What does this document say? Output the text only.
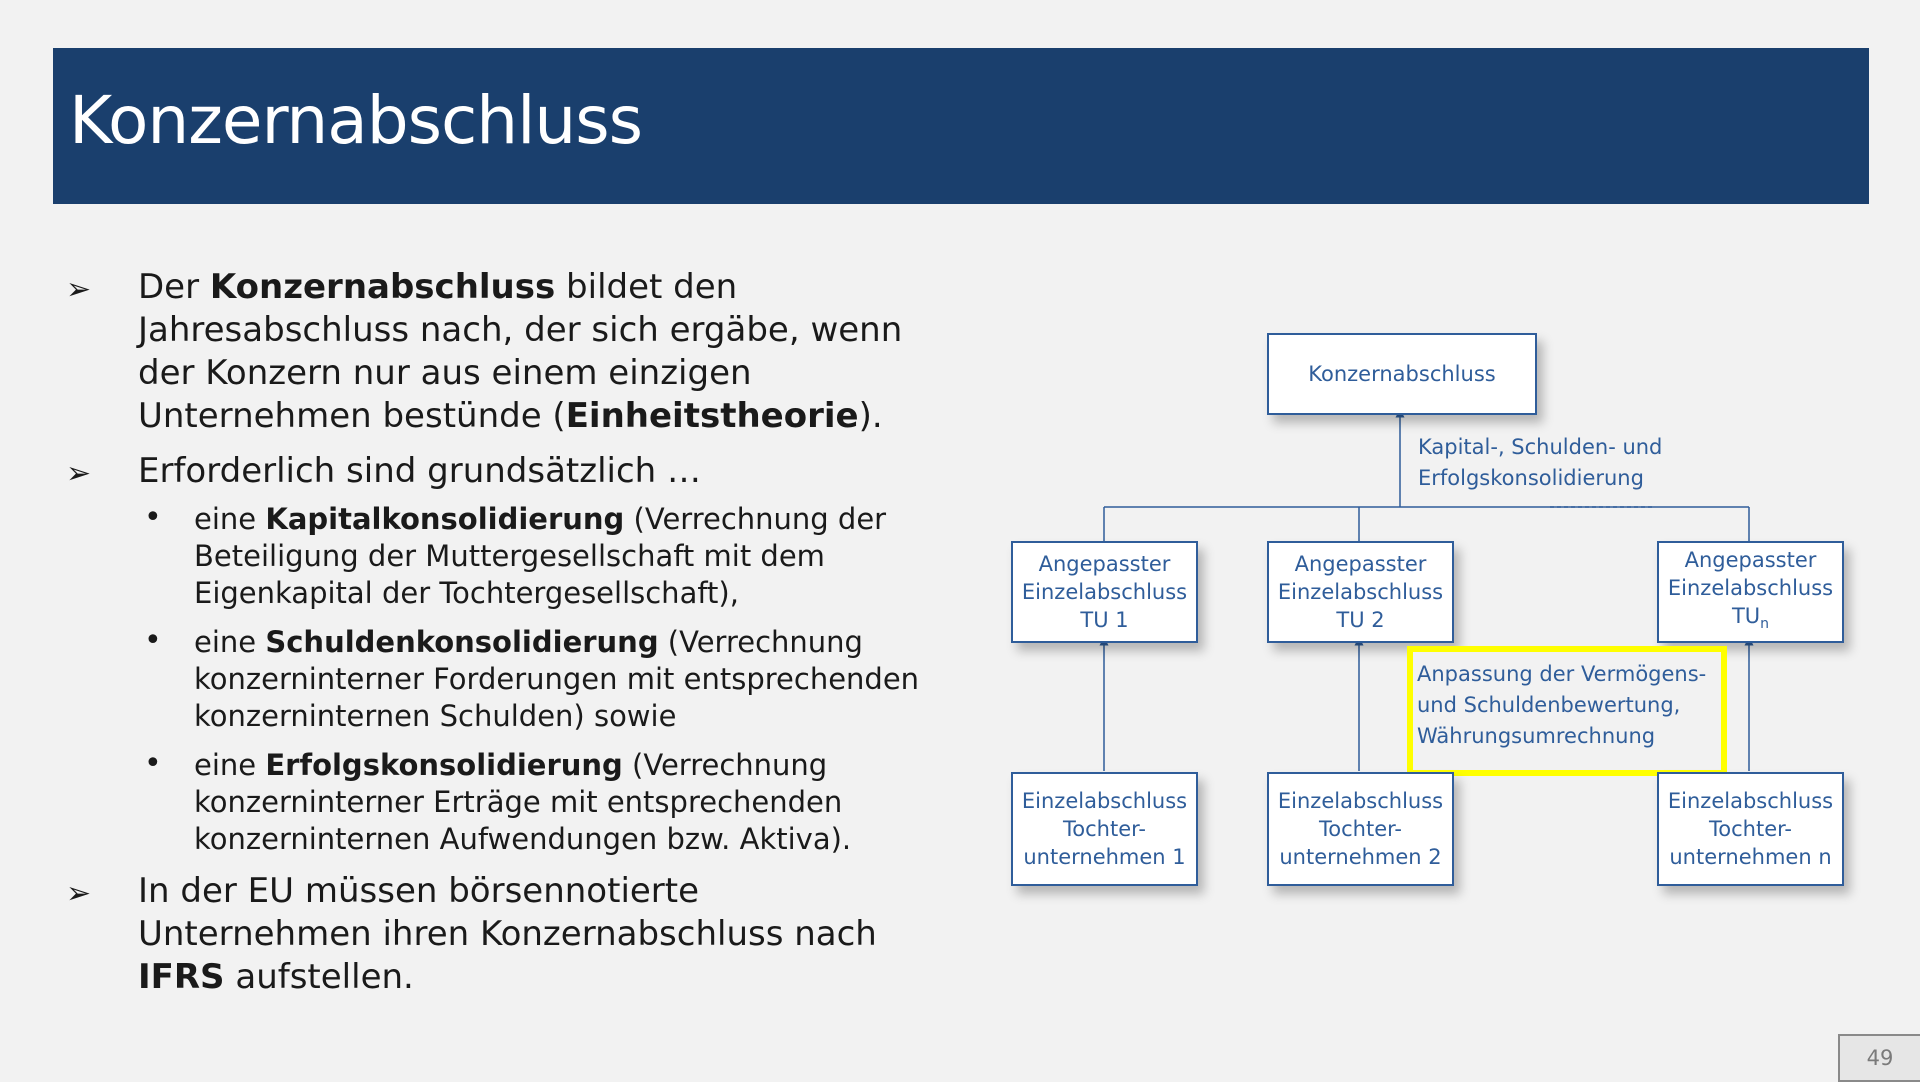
Konzernabschluss
➢ Der Konzernabschluss bildet den Jahresabschluss nach, der sich ergäbe, wenn der Konzern nur aus einem einzigen Unternehmen bestünde (Einheitstheorie).
➢ Erforderlich sind grundsätzlich …
• eine Kapitalkonsolidierung (Verrechnung der Beteiligung der Muttergesellschaft mit dem Eigenkapital der Tochtergesellschaft),
• eine Schuldenkonsolidierung (Verrechnung konzerninterner Forderungen mit entsprechenden konzerninternen Schulden) sowie
• eine Erfolgskonsolidierung (Verrechnung konzerninterner Erträge mit entsprechenden konzerninternen Aufwendungen bzw. Aktiva).
➢ In der EU müssen börsennotierte Unternehmen ihren Konzernabschluss nach IFRS aufstellen.
Konzernabschluss
Kapital-, Schulden- und
Erfolgskonsolidierung
Angepasster
Einzelabschluss
TU 1
Angepasster
Einzelabschluss
TU 2
Angepasster
Einzelabschluss
$TU_n$
Anpassung der Vermögens-
und Schuldenbewertung,
Währungsumrechnung
Einzelabschluss
Tochter-
unternehmen 1
Einzelabschluss
Tochter-
unternehmen 2
Einzelabschluss
Tochter-
unternehmen n
49
